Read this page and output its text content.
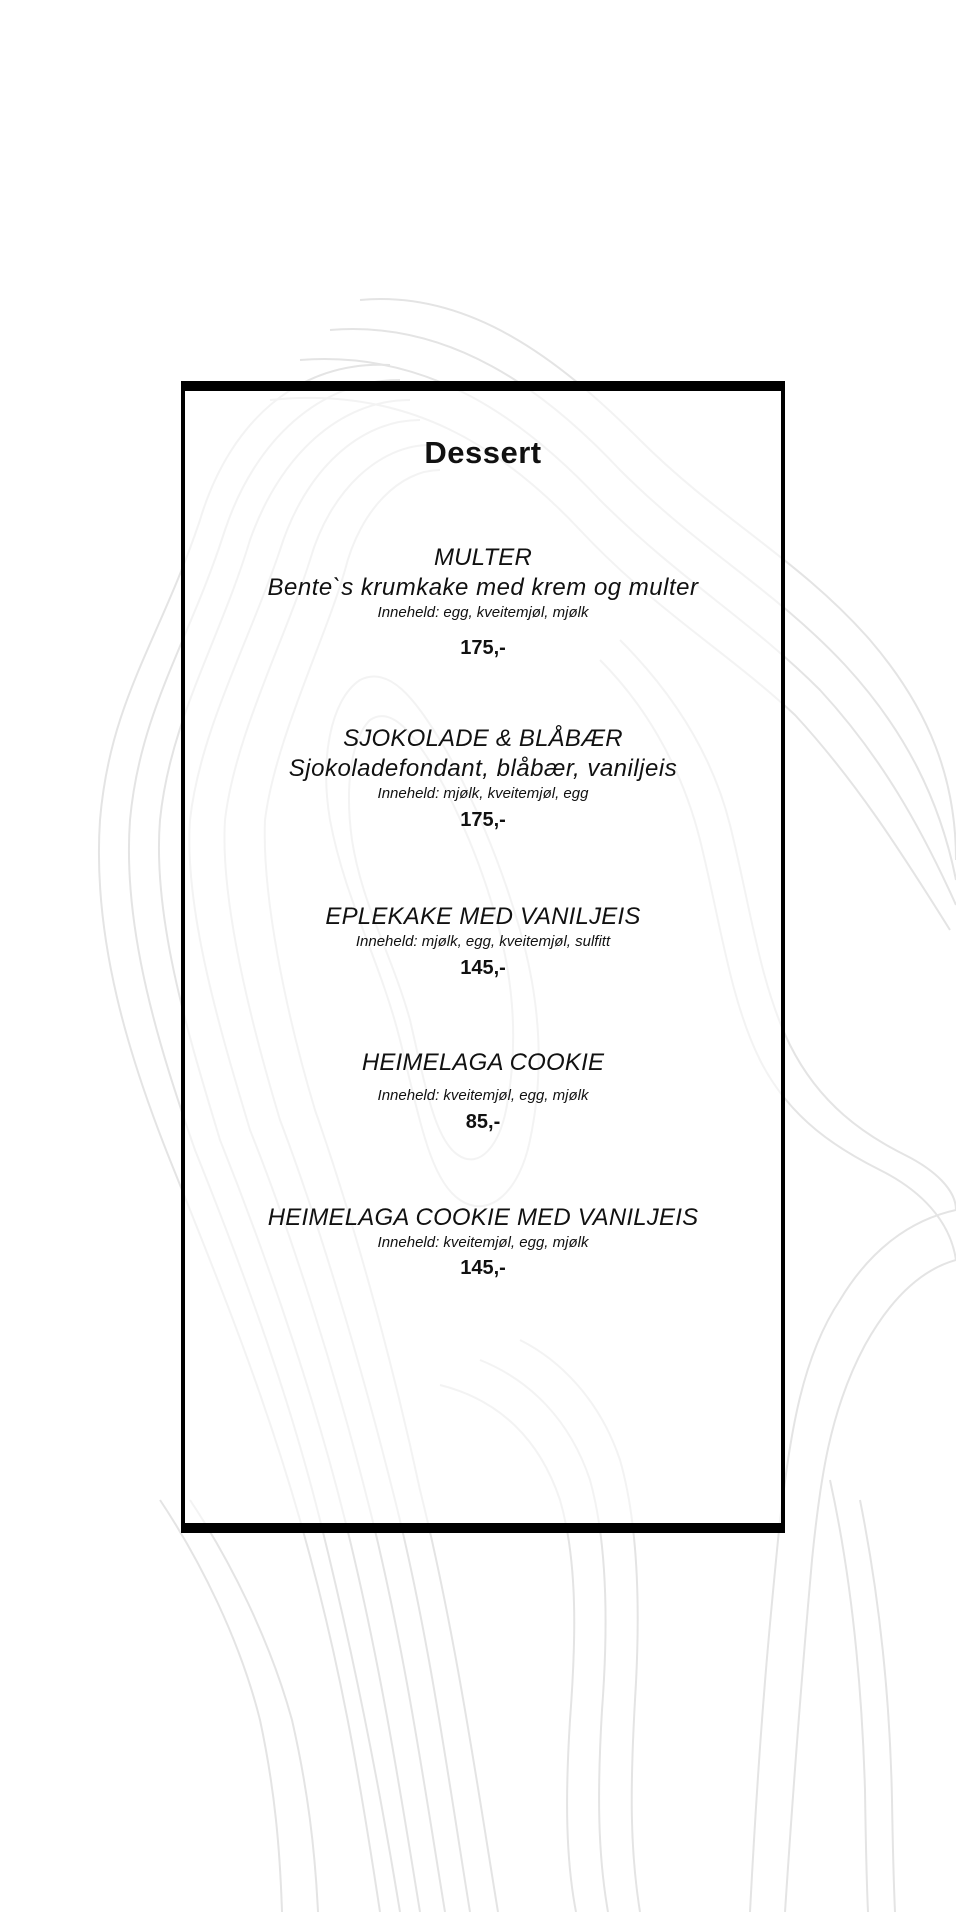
Dessert
MULTER
Bente`s krumkake med krem og multer
Inneheld: egg, kveitemjøl, mjølk
175,-
SJOKOLADE & BLÅBÆR
Sjokoladefondant, blåbær, vaniljeis
Inneheld: mjølk, kveitemjøl, egg
175,-
EPLEKAKE MED VANILJEIS
Inneheld: mjølk, egg, kveitemjøl, sulfitt
145,-
HEIMELAGA COOKIE
Inneheld: kveitemjøl, egg, mjølk
85,-
HEIMELAGA COOKIE MED VANILJEIS
Inneheld: kveitemjøl, egg, mjølk
145,-
